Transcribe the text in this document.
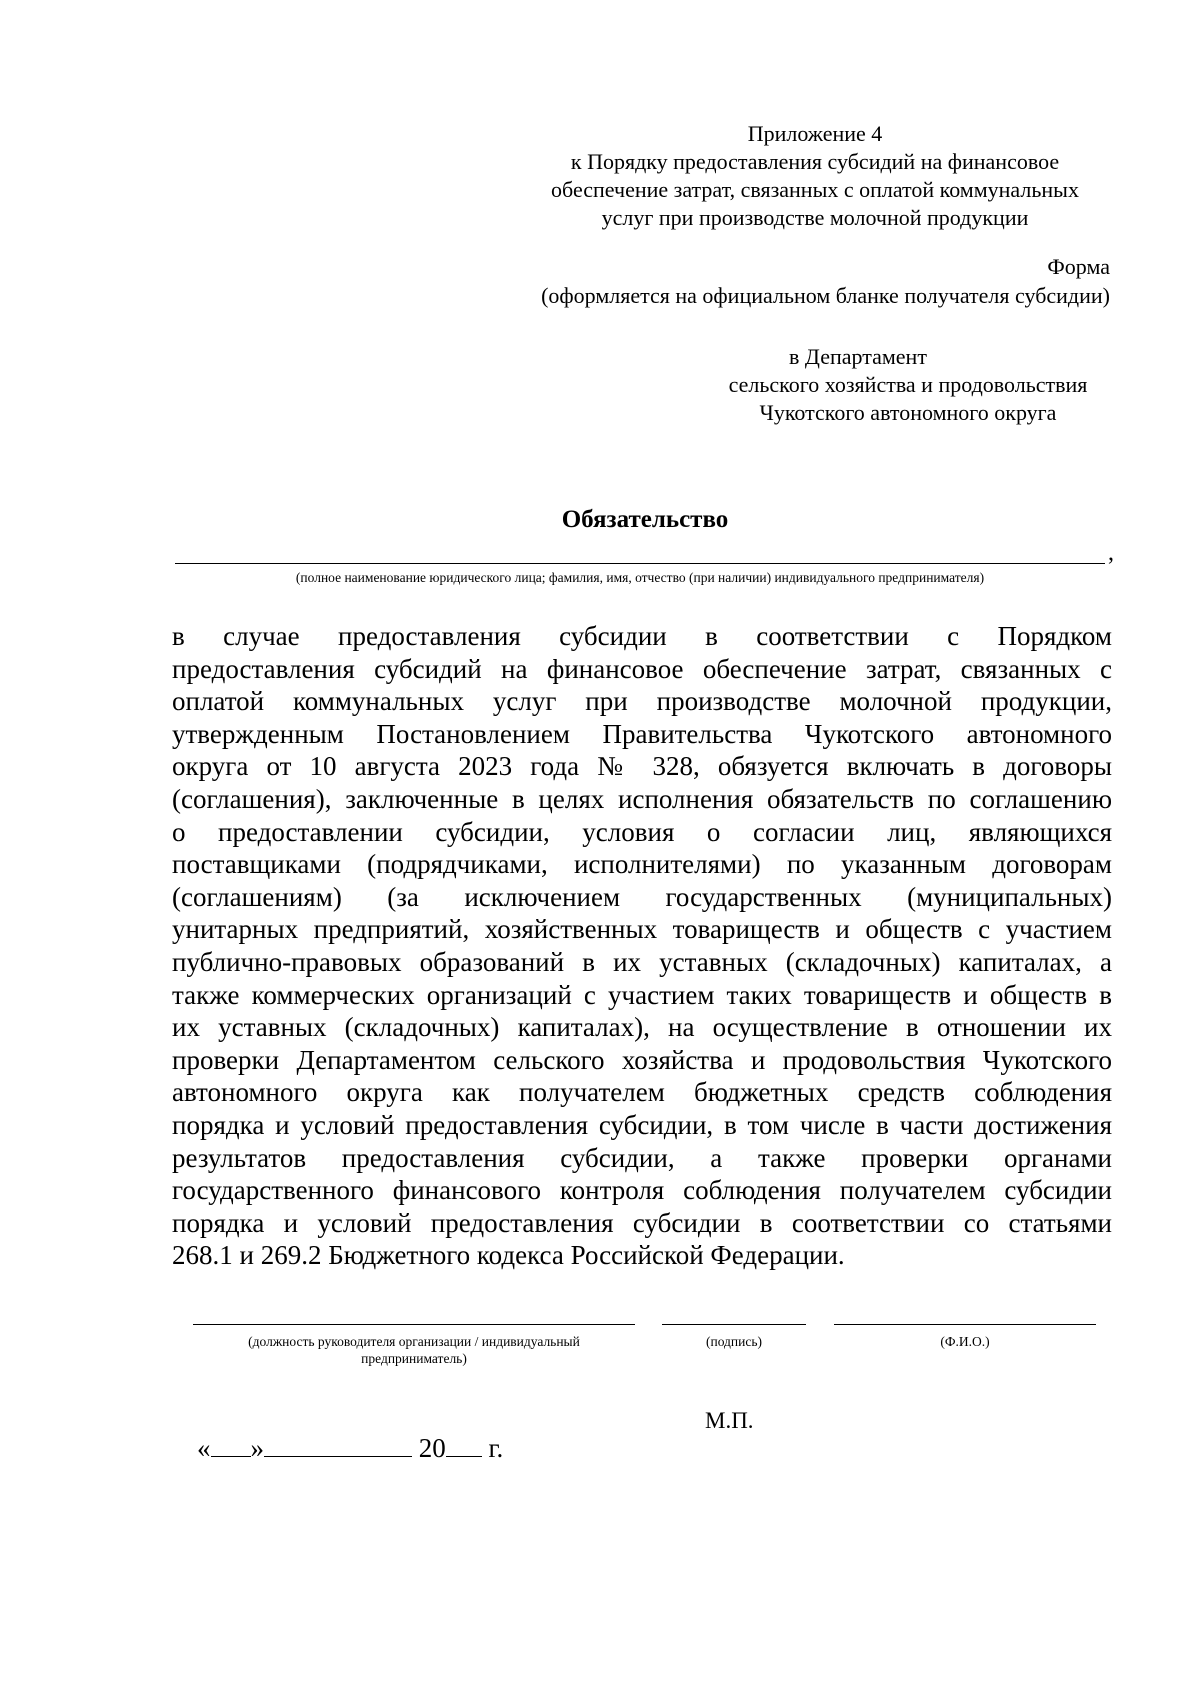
Приложение 4
к Порядку предоставления субсидий на финансовое
обеспечение затрат, связанных с оплатой коммунальных
услуг при производстве молочной продукции
Форма
(оформляется на официальном бланке получателя субсидии)
в Департамент
сельского хозяйства и продовольствия
Чукотского автономного округа
Обязательство
,
(полное наименование юридического лица; фамилия, имя, отчество (при наличии) индивидуального предпринимателя)
в случае предоставления субсидии в соответствии с Порядком
предоставления субсидий на финансовое обеспечение затрат, связанных с
оплатой коммунальных услуг при производстве молочной продукции,
утвержденным Постановлением Правительства Чукотского автономного
округа от 10 августа 2023 года № 328, обязуется включать в договоры
(соглашения), заключенные в целях исполнения обязательств по соглашению
о предоставлении субсидии, условия о согласии лиц, являющихся
поставщиками (подрядчиками, исполнителями) по указанным договорам
(соглашениям) (за исключением государственных (муниципальных)
унитарных предприятий, хозяйственных товариществ и обществ с участием
публично-правовых образований в их уставных (складочных) капиталах, а
также коммерческих организаций с участием таких товариществ и обществ в
их уставных (складочных) капиталах), на осуществление в отношении их
проверки Департаментом сельского хозяйства и продовольствия Чукотского
автономного округа как получателем бюджетных средств соблюдения
порядка и условий предоставления субсидии, в том числе в части достижения
результатов предоставления субсидии, а также проверки органами
государственного финансового контроля соблюдения получателем субсидии
порядка и условий предоставления субсидии в соответствии со статьями
268.1 и 269.2 Бюджетного кодекса Российской Федерации.
(должность руководителя организации / индивидуальный
предприниматель)
(подпись)	(Ф.И.О.)
М.П.
« »	20 г.
